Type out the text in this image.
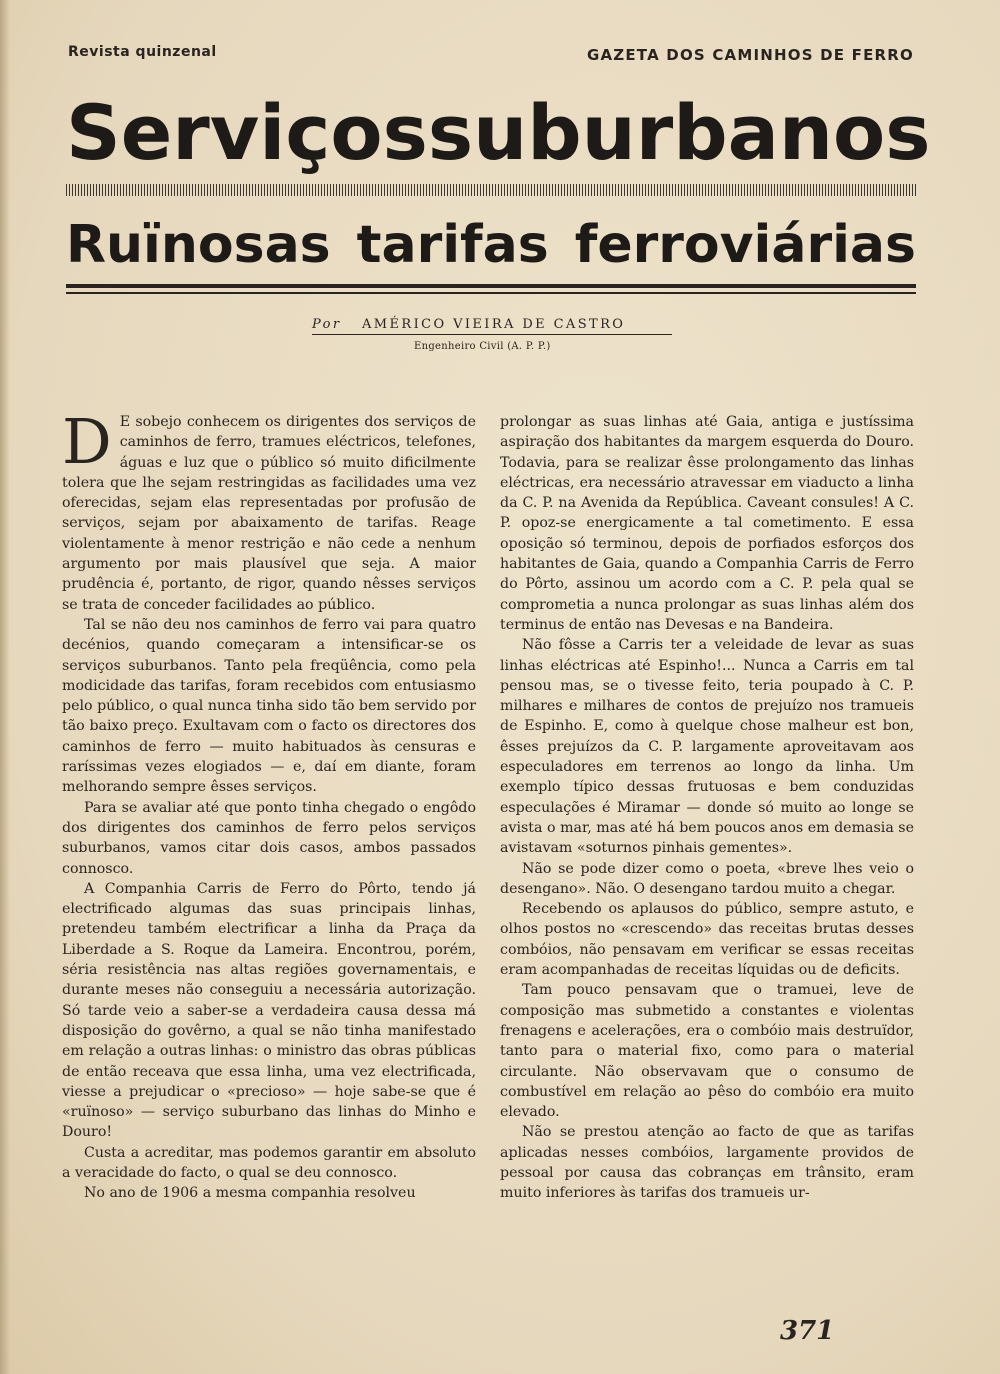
Revista quinzenal	GAZETA DOS CAMINHOS DE FERRO
Serviços suburbanos
Ruïnosas tarifas ferroviárias
Por AMÉRICO VIEIRA DE CASTRO
Engenheiro Civil (A. P. P.)

D E sobejo conhecem os dirigentes dos serviços de caminhos de ferro, tramues eléctricos, telefones, águas e luz que o público só muito dificilmente tolera que lhe sejam restringidas as facilidades uma vez oferecidas, sejam elas representadas por profusão de serviços, sejam por abaixamento de tarifas. Reage violentamente à menor restrição e não cede a nenhum argumento por mais plausível que seja. A maior prudência é, portanto, de rigor, quando nêsses serviços se trata de conceder facilidades ao público.

Tal se não deu nos caminhos de ferro vai para quatro decénios, quando começaram a intensificar-se os serviços suburbanos. Tanto pela freqüência, como pela modicidade das tarifas, foram recebidos com entusiasmo pelo público, o qual nunca tinha sido tão bem servido por tão baixo preço. Exultavam com o facto os directores dos caminhos de ferro — muito habituados às censuras e raríssimas vezes elogiados — e, daí em diante, foram melhorando sempre êsses serviços.

Para se avaliar até que ponto tinha chegado o engôdo dos dirigentes dos caminhos de ferro pelos serviços suburbanos, vamos citar dois casos, ambos passados connosco.

A Companhia Carris de Ferro do Pôrto, tendo já electrificado algumas das suas principais linhas, pretendeu também electrificar a linha da Praça da Liberdade a S. Roque da Lameira. Encontrou, porém, séria resistência nas altas regiões governamentais, e durante meses não conseguiu a necessária autorização. Só tarde veio a saber-se a verdadeira causa dessa má disposição do govêrno, a qual se não tinha manifestado em relação a outras linhas: o ministro das obras públicas de então receava que essa linha, uma vez electrificada, viesse a prejudicar o «precioso» — hoje sabe-se que é «ruïnoso» — serviço suburbano das linhas do Minho e Douro!

Custa a acreditar, mas podemos garantir em absoluto a veracidade do facto, o qual se deu connosco.

No ano de 1906 a mesma companhia resolveu

prolongar as suas linhas até Gaia, antiga e justíssima aspiração dos habitantes da margem esquerda do Douro. Todavia, para se realizar êsse prolongamento das linhas eléctricas, era necessário atravessar em viaducto a linha da C. P. na Avenida da República. Caveant consules! A C. P. opoz-se energicamente a tal cometimento. E essa oposição só terminou, depois de porfiados esforços dos habitantes de Gaia, quando a Companhia Carris de Ferro do Pôrto, assinou um acordo com a C. P. pela qual se comprometia a nunca prolongar as suas linhas além dos terminus de então nas Devesas e na Bandeira.

Não fôsse a Carris ter a veleidade de levar as suas linhas eléctricas até Espinho!... Nunca a Carris em tal pensou mas, se o tivesse feito, teria poupado à C. P. milhares e milhares de contos de prejuízo nos tramueis de Espinho. E, como à quelque chose malheur est bon, êsses prejuízos da C. P. largamente aproveitavam aos especuladores em terrenos ao longo da linha. Um exemplo típico dessas frutuosas e bem conduzidas especulações é Miramar — donde só muito ao longe se avista o mar, mas até há bem poucos anos em demasia se avistavam «soturnos pinhais gementes».

Não se pode dizer como o poeta, «breve lhes veio o desengano». Não. O desengano tardou muito a chegar.

Recebendo os aplausos do público, sempre astuto, e olhos postos no «crescendo» das receitas brutas desses combóios, não pensavam em verificar se essas receitas eram acompanhadas de receitas líquidas ou de deficits.

Tam pouco pensavam que o tramuei, leve de composição mas submetido a constantes e violentas frenagens e acelerações, era o combóio mais destruïdor, tanto para o material fixo, como para o material circulante. Não observavam que o consumo de combustível em relação ao pêso do combóio era muito elevado.

Não se prestou atenção ao facto de que as tarifas aplicadas nesses combóios, largamente providos de pessoal por causa das cobranças em trânsito, eram muito inferiores às tarifas dos tramueis ur-

371
